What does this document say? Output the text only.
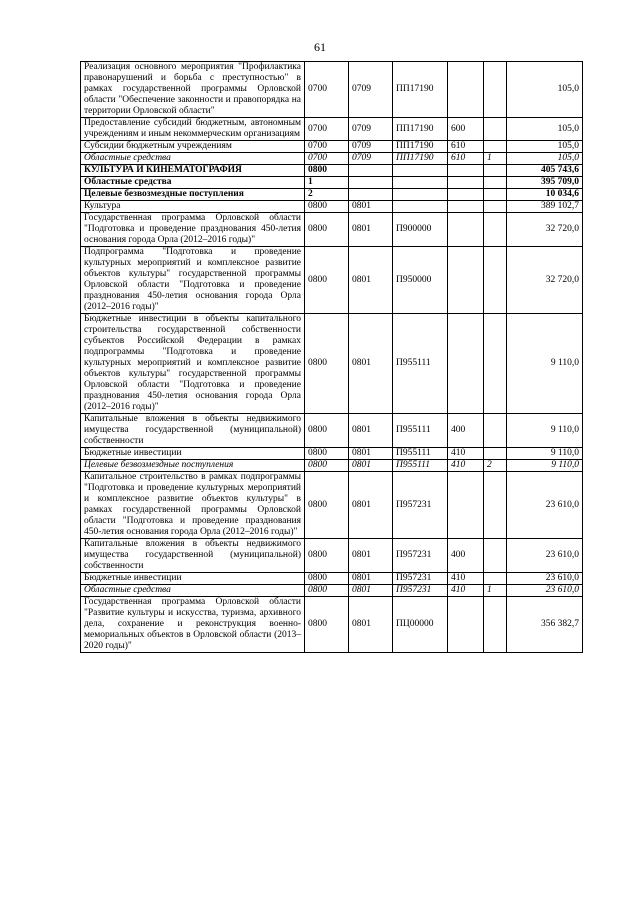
61
Реализация основного мероприятия "Профилактика правонарушений и борьба с преступностью" в рамках государственной программы Орловской области "Обеспечение законности и правопорядка на территории Орловской области"	0700	0709	ПП17190			105,0
Предоставление субсидий бюджетным, автономным учреждениям и иным некоммерческим организациям	0700	0709	ПП17190	600		105,0
Субсидии бюджетным учреждениям	0700	0709	ПП17190	610		105,0
Областные средства	0700	0709	ПП17190	610	1	105,0
КУЛЬТУРА И КИНЕМАТОГРАФИЯ	0800					405 743,6
Областные средства	1					395 709,0
Целевые безвозмездные поступления	2					10 034,6
Культура	0800	0801				389 102,7
Государственная программа Орловской области "Подготовка и проведение празднования 450-летия основания города Орла (2012–2016 годы)"	0800	0801	П900000			32 720,0
Подпрограмма "Подготовка и проведение культурных мероприятий и комплексное развитие объектов культуры" государственной программы Орловской области "Подготовка и проведение празднования 450-летия основания города Орла (2012–2016 годы)"	0800	0801	П950000			32 720,0
Бюджетные инвестиции в объекты капитального строительства государственной собственности субъектов Российской Федерации в рамках подпрограммы "Подготовка и проведение культурных мероприятий и комплексное развитие объектов культуры" государственной программы Орловской области "Подготовка и проведение празднования 450-летия основания города Орла (2012–2016 годы)"	0800	0801	П955111			9 110,0
Капитальные вложения в объекты недвижимого имущества государственной (муниципальной) собственности	0800	0801	П955111	400		9 110,0
Бюджетные инвестиции	0800	0801	П955111	410		9 110,0
Целевые безвозмездные поступления	0800	0801	П955111	410	2	9 110,0
Капитальное строительство в рамках подпрограммы "Подготовка и проведение культурных мероприятий и комплексное развитие объектов культуры" в рамках государственной программы Орловской области "Подготовка и проведение празднования 450-летия основания города Орла (2012–2016 годы)"	0800	0801	П957231			23 610,0
Капитальные вложения в объекты недвижимого имущества государственной (муниципальной) собственности	0800	0801	П957231	400		23 610,0
Бюджетные инвестиции	0800	0801	П957231	410		23 610,0
Областные средства	0800	0801	П957231	410	1	23 610,0
Государственная программа Орловской области "Развитие культуры и искусства, туризма, архивного дела, сохранение и реконструкция военно-мемориальных объектов в Орловской области (2013–2020 годы)"	0800	0801	ПЦ00000			356 382,7
